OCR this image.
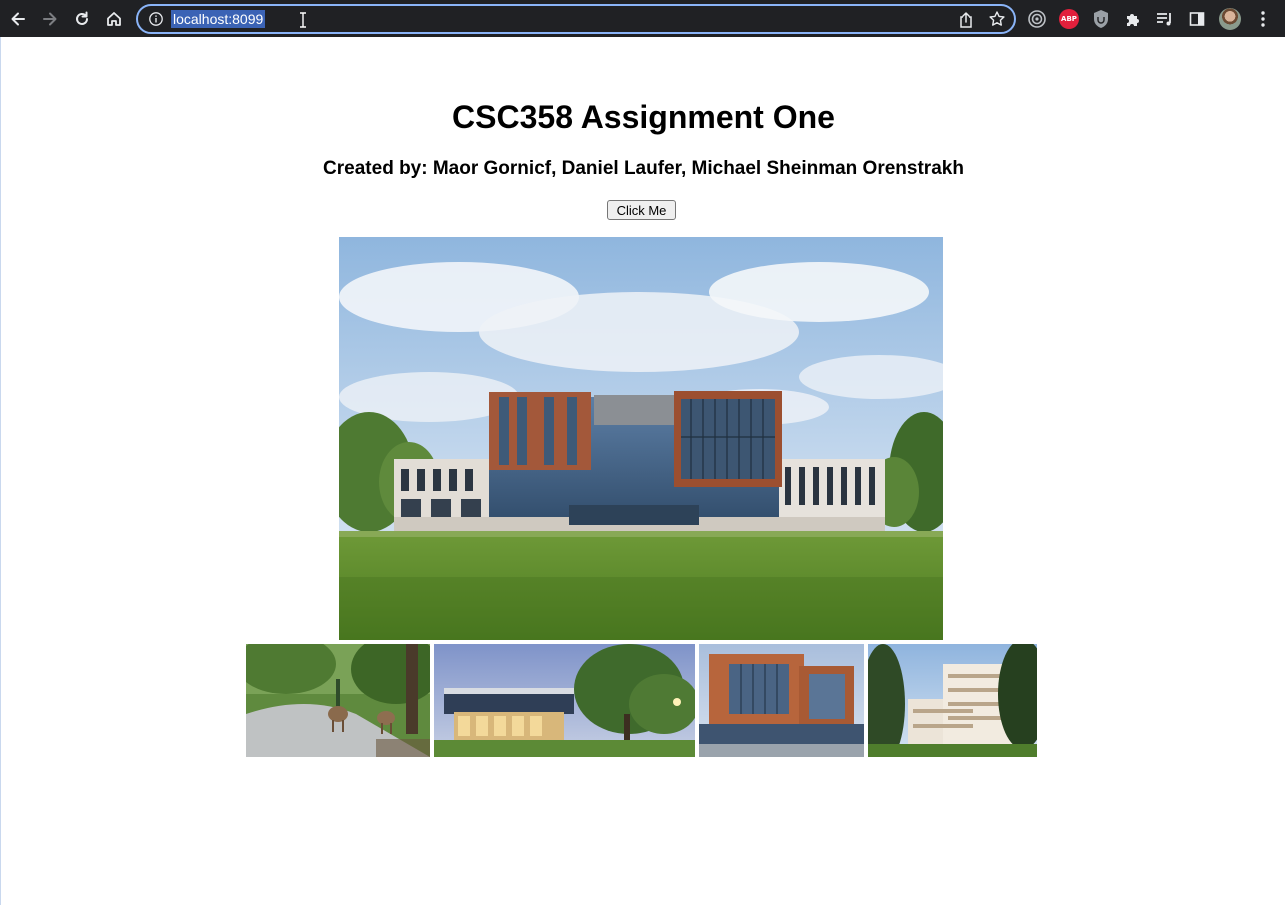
localhost:8099	ABP
CSC358 Assignment One
Created by: Maor Gornicf, Daniel Laufer, Michael Sheinman Orenstrakh
Click Me
